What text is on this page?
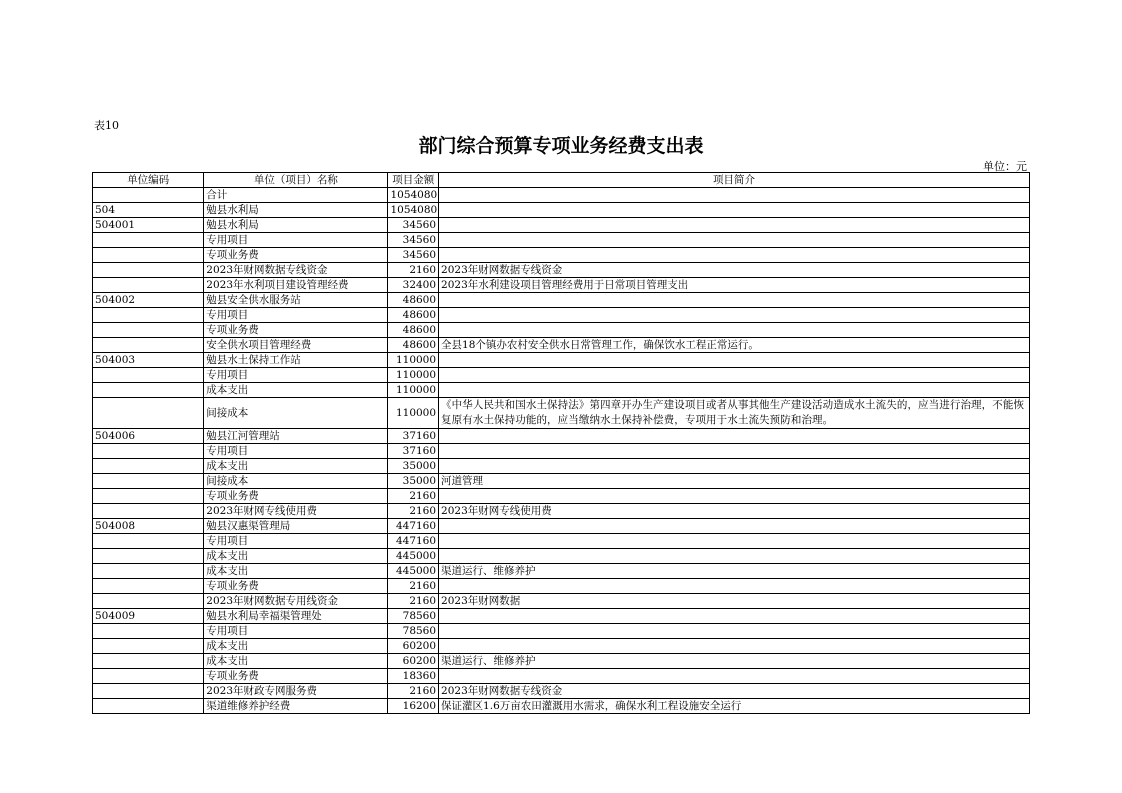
表10
部门综合预算专项业务经费支出表
单位：元
单位编码	单位（项目）名称	项目金额	项目简介
	合计	1054080	
504	勉县水利局	1054080	
504001	勉县水利局	34560	
	专用项目	34560	
	专项业务费	34560	
	2023年财网数据专线资金	2160	2023年财网数据专线资金
	2023年水利项目建设管理经费	32400	2023年水利建设项目管理经费用于日常项目管理支出
504002	勉县安全供水服务站	48600	
	专用项目	48600	
	专项业务费	48600	
	安全供水项目管理经费	48600	全县18个镇办农村安全供水日常管理工作，确保饮水工程正常运行。
504003	勉县水土保持工作站	110000	
	专用项目	110000	
	成本支出	110000	
	间接成本	110000	《中华人民共和国水土保持法》第四章开办生产建设项目或者从事其他生产建设活动造成水土流失的，应当进行治理，不能恢复原有水土保持功能的，应当缴纳水土保持补偿费，专项用于水土流失预防和治理。
504006	勉县江河管理站	37160	
	专用项目	37160	
	成本支出	35000	
	间接成本	35000	河道管理
	专项业务费	2160	
	2023年财网专线使用费	2160	2023年财网专线使用费
504008	勉县汉惠渠管理局	447160	
	专用项目	447160	
	成本支出	445000	
	成本支出	445000	渠道运行、维修养护
	专项业务费	2160	
	2023年财网数据专用线资金	2160	2023年财网数据
504009	勉县水利局幸福渠管理处	78560	
	专用项目	78560	
	成本支出	60200	
	成本支出	60200	渠道运行、维修养护
	专项业务费	18360	
	2023年财政专网服务费	2160	2023年财网数据专线资金
	渠道维修养护经费	16200	保证灌区1.6万亩农田灌溉用水需求，确保水利工程设施安全运行
